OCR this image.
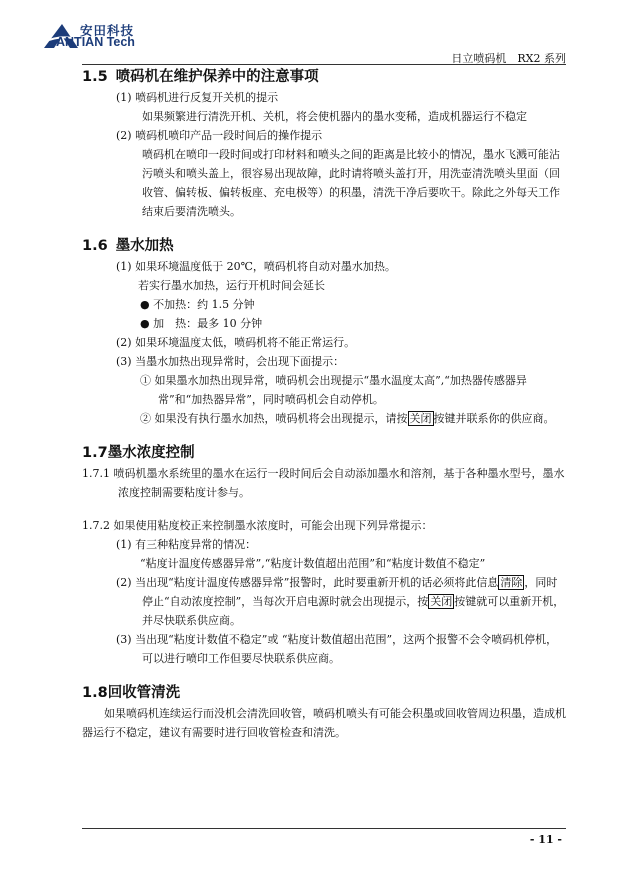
安田科技
ANTIAN Tech
日立喷码机　RX2 系列

1.5 喷码机在维护保养中的注意事项

(1) 喷码机进行反复开关机的提示

如果频繁进行清洗开机、关机，将会使机器内的墨水变稀，造成机器运行不稳定

(2) 喷码机喷印产品一段时间后的操作提示

喷码机在喷印一段时间或打印材料和喷头之间的距离是比较小的情况，墨水飞溅可能沾污喷头和喷头盖上，很容易出现故障，此时请将喷头盖打开，用洗壶清洗喷头里面（回收管、偏转板、偏转板座、充电极等）的积墨，清洗干净后要吹干。除此之外每天工作结束后要清洗喷头。

1.6 墨水加热

(1) 如果环境温度低于 20℃，喷码机将自动对墨水加热。

若实行墨水加热，运行开机时间会延长

● 不加热：约 1.5 分钟

● 加　热：最多 10 分钟

(2) 如果环境温度太低，喷码机将不能正常运行。

(3) 当墨水加热出现异常时，会出现下面提示：

① 如果墨水加热出现异常，喷码机会出现提示“墨水温度太高”,“加热器传感器异常”和“加热器异常”，同时喷码机会自动停机。

② 如果没有执行墨水加热，喷码机将会出现提示，请按 关闭 按键并联系你的供应商。

1.7墨水浓度控制

1.7.1 喷码机墨水系统里的墨水在运行一段时间后会自动添加墨水和溶剂，基于各种墨水型号，墨水浓度控制需要粘度计参与。

1.7.2 如果使用粘度校正来控制墨水浓度时，可能会出现下列异常提示：

(1) 有三种粘度异常的情况：

“粘度计温度传感器异常”,“粘度计数值超出范围”和“粘度计数值不稳定”

(2) 当出现“粘度计温度传感器异常”报警时，此时要重新开机的话必须将此信息 清除 ，同时停止“自动浓度控制”，当每次开启电源时就会出现提示，按 关闭 按键就可以重新开机，并尽快联系供应商。

(3) 当出现“粘度计数值不稳定”或 “粘度计数值超出范围”，这两个报警不会令喷码机停机，可以进行喷印工作但要尽快联系供应商。

1.8回收管清洗

如果喷码机连续运行而没机会清洗回收管，喷码机喷头有可能会积墨或回收管周边积墨，造成机器运行不稳定，建议有需要时进行回收管检查和清洗。

- 11 -
